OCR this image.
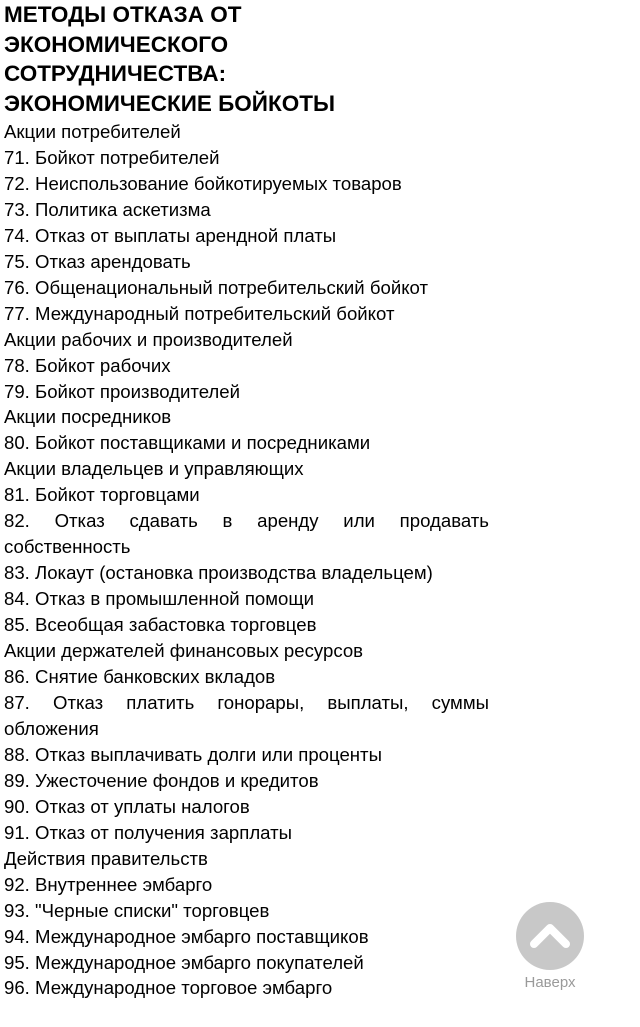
МЕТОДЫ ОТКАЗА ОТ
ЭКОНОМИЧЕСКОГО
СОТРУДНИЧЕСТВА:
ЭКОНОМИЧЕСКИЕ БОЙКОТЫ
Акции потребителей
71. Бойкот потребителей
72. Неиспользование бойкотируемых товаров
73. Политика аскетизма
74. Отказ от выплаты арендной платы
75. Отказ арендовать
76. Общенациональный потребительский бойкот
77. Международный потребительский бойкот
Акции рабочих и производителей
78. Бойкот рабочих
79. Бойкот производителей
Акции посредников
80. Бойкот поставщиками и посредниками
Акции владельцев и управляющих
81. Бойкот торговцами
82. Отказ сдавать в аренду или продавать собственность
83. Локаут (остановка производства владельцем)
84. Отказ в промышленной помощи
85. Всеобщая забастовка торговцев
Акции держателей финансовых ресурсов
86. Снятие банковских вкладов
87. Отказ платить гонорары, выплаты, суммы обложения
88. Отказ выплачивать долги или проценты
89. Ужесточение фондов и кредитов
90. Отказ от уплаты налогов
91. Отказ от получения зарплаты
Действия правительств
92. Внутреннее эмбарго
93. "Черные списки" торговцев
94. Международное эмбарго поставщиков
95. Международное эмбарго покупателей
96. Международное торговое эмбарго	Наверх
